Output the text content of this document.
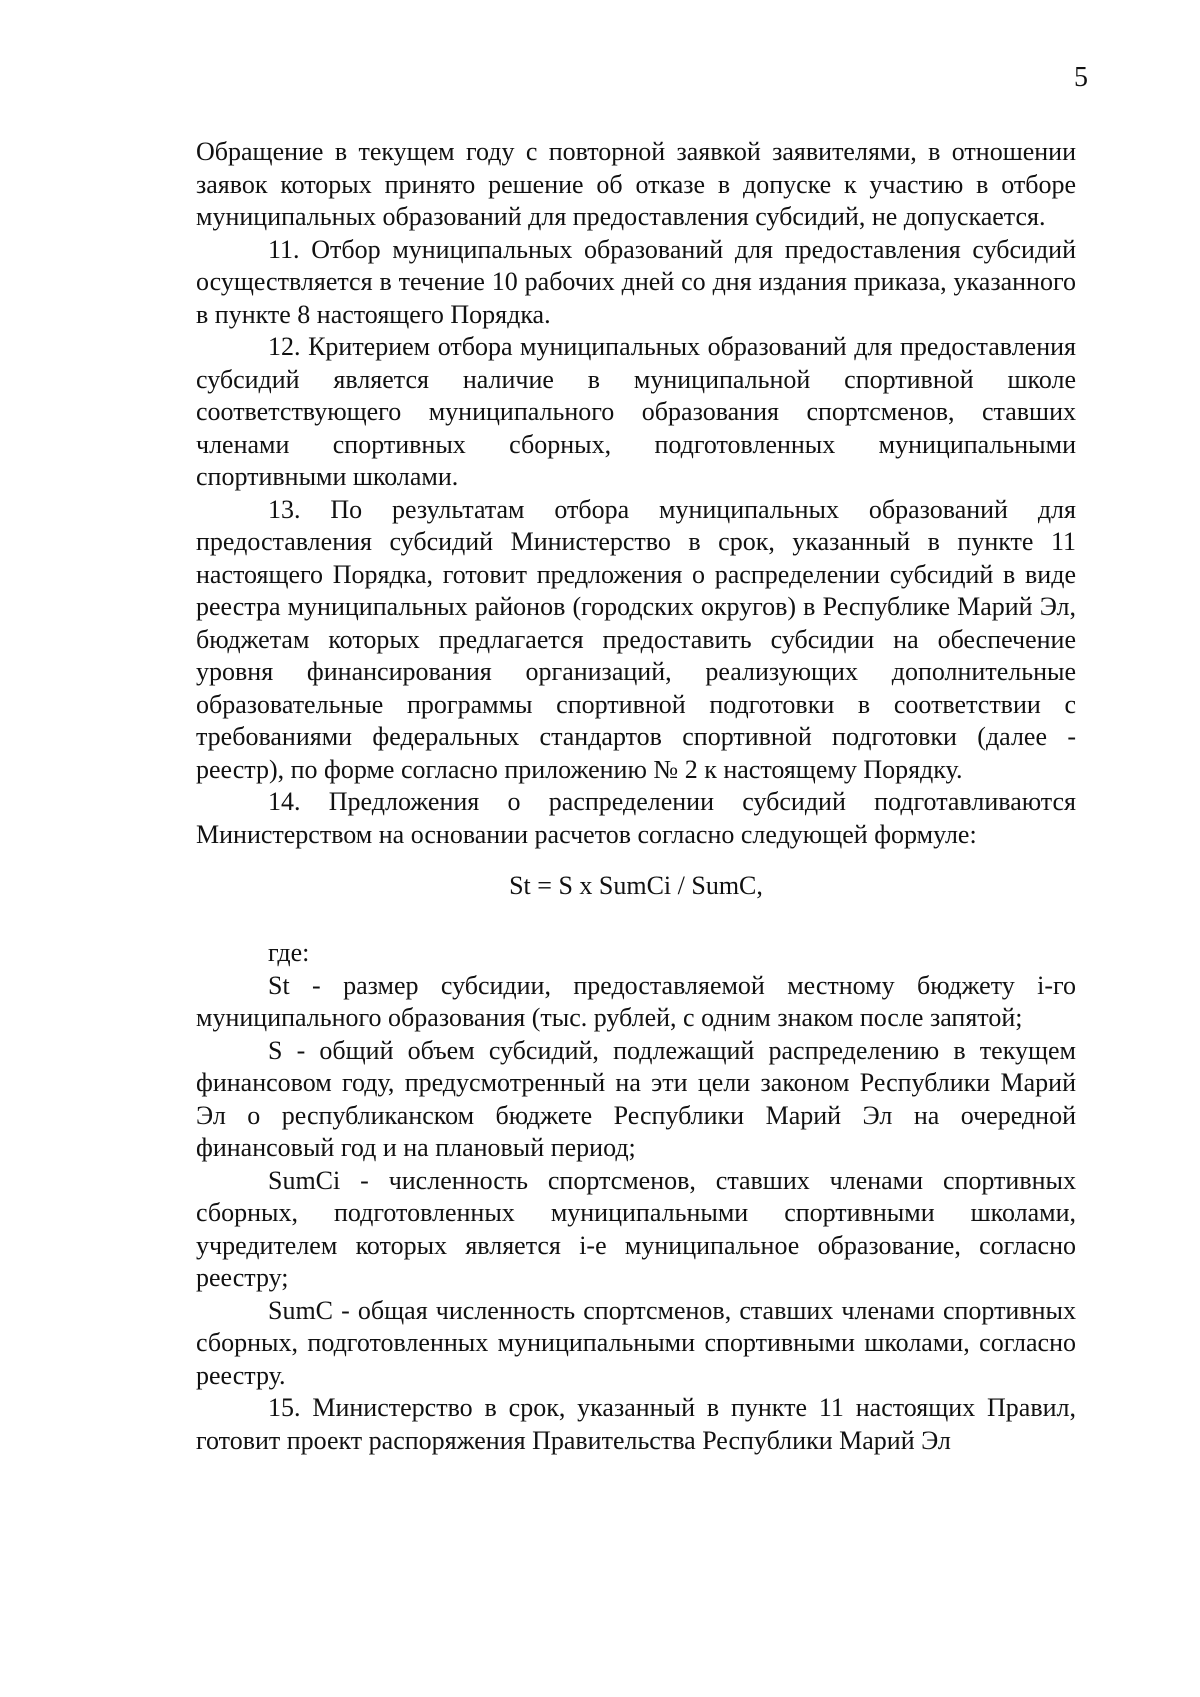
5

Обращение в текущем году с повторной заявкой заявителями, в отношении заявок которых принято решение об отказе в допуске к участию в отборе муниципальных образований для предоставления субсидий, не допускается.

11. Отбор муниципальных образований для предоставления субсидий осуществляется в течение 10 рабочих дней со дня издания приказа, указанного в пункте 8 настоящего Порядка.

12. Критерием отбора муниципальных образований для предоставления субсидий является наличие в муниципальной спортивной школе соответствующего муниципального образования спортсменов, ставших членами спортивных сборных, подготовленных муниципальными спортивными школами.

13. По результатам отбора муниципальных образований для предоставления субсидий Министерство в срок, указанный в пункте 11 настоящего Порядка, готовит предложения о распределении субсидий в виде реестра муниципальных районов (городских округов) в Республике Марий Эл, бюджетам которых предлагается предоставить субсидии на обеспечение уровня финансирования организаций, реализующих дополнительные образовательные программы спортивной подготовки в соответствии с требованиями федеральных стандартов спортивной подготовки (далее - реестр), по форме согласно приложению № 2 к настоящему Порядку.

14. Предложения о распределении субсидий подготавливаются Министерством на основании расчетов согласно следующей формуле:

St = S x SumCi / SumC,

где:

St - размер субсидии, предоставляемой местному бюджету i-го муниципального образования (тыс. рублей, с одним знаком после запятой;

S - общий объем субсидий, подлежащий распределению в текущем финансовом году, предусмотренный на эти цели законом Республики Марий Эл о республиканском бюджете Республики Марий Эл на очередной финансовый год и на плановый период;

SumCi - численность спортсменов, ставших членами спортивных сборных, подготовленных муниципальными спортивными школами, учредителем которых является i-е муниципальное образование, согласно реестру;

SumC - общая численность спортсменов, ставших членами спортивных сборных, подготовленных муниципальными спортивными школами, согласно реестру.

15. Министерство в срок, указанный в пункте 11 настоящих Правил, готовит проект распоряжения Правительства Республики Марий Эл
